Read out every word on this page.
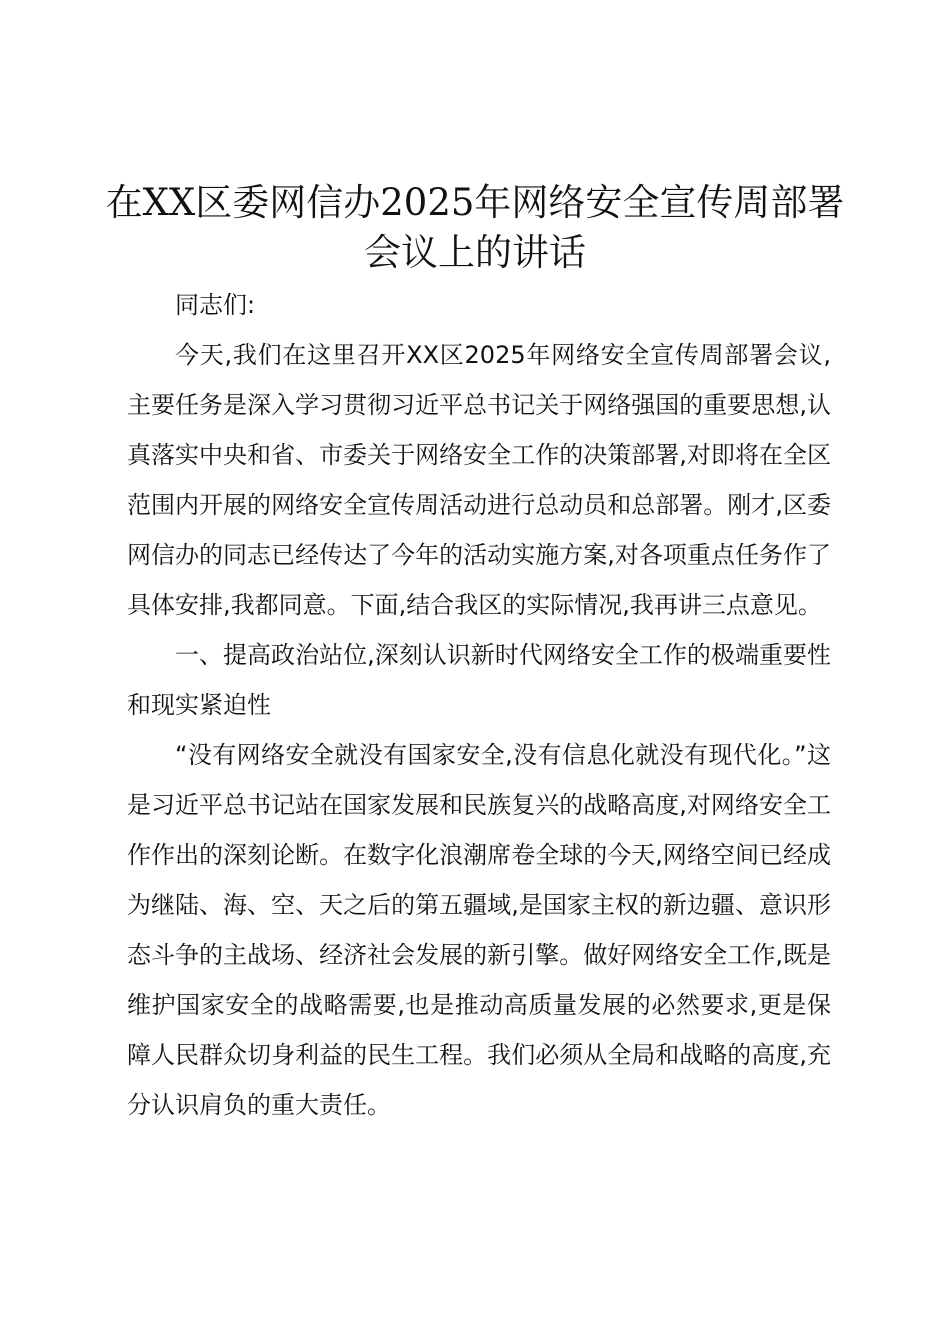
在XX区委网信办2025年网络安全宣传周部署会议上的讲话

同志们:

今天,我们在这里召开XX区2025年网络安全宣传周部署会议,主要任务是深入学习贯彻习近平总书记关于网络强国的重要思想,认真落实中央和省、市委关于网络安全工作的决策部署,对即将在全区范围内开展的网络安全宣传周活动进行总动员和总部署。刚才,区委网信办的同志已经传达了今年的活动实施方案,对各项重点任务作了具体安排,我都同意。下面,结合我区的实际情况,我再讲三点意见。

一、提高政治站位,深刻认识新时代网络安全工作的极端重要性和现实紧迫性

“没有网络安全就没有国家安全,没有信息化就没有现代化。”这是习近平总书记站在国家发展和民族复兴的战略高度,对网络安全工作作出的深刻论断。在数字化浪潮席卷全球的今天,网络空间已经成为继陆、海、空、天之后的第五疆域,是国家主权的新边疆、意识形态斗争的主战场、经济社会发展的新引擎。做好网络安全工作,既是维护国家安全的战略需要,也是推动高质量发展的必然要求,更是保障人民群众切身利益的民生工程。我们必须从全局和战略的高度,充分认识肩负的重大责任。
